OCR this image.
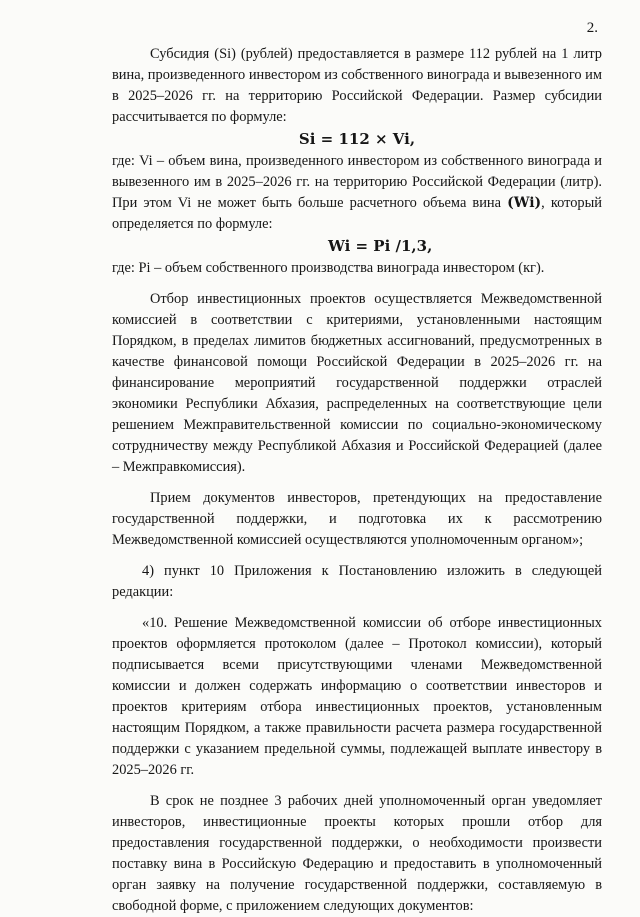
2.

Субсидия (Si) (рублей) предоставляется в размере 112 рублей на 1 литр вина, произведенного инвестором из собственного винограда и вывезенного им в 2025–2026 гг. на территорию Российской Федерации. Размер субсидии рассчитывается по формуле:

Si = 112 × Vi,

где: Vi – объем вина, произведенного инвестором из собственного винограда и вывезенного им в 2025–2026 гг. на территорию Российской Федерации (литр). При этом Vi не может быть больше расчетного объема вина (Wi), который определяется по формуле:

Wi = Pi /1,3,

где: Pi – объем собственного производства винограда инвестором (кг).

Отбор инвестиционных проектов осуществляется Межведомственной комиссией в соответствии с критериями, установленными настоящим Порядком, в пределах лимитов бюджетных ассигнований, предусмотренных в качестве финансовой помощи Российской Федерации в 2025–2026 гг. на финансирование мероприятий государственной поддержки отраслей экономики Республики Абхазия, распределенных на соответствующие цели решением Межправительственной комиссии по социально-экономическому сотрудничеству между Республикой Абхазия и Российской Федерацией (далее – Межправкомиссия).

Прием документов инвесторов, претендующих на предоставление государственной поддержки, и подготовка их к рассмотрению Межведомственной комиссией осуществляются уполномоченным органом»;

4) пункт 10 Приложения к Постановлению изложить в следующей редакции:

«10. Решение Межведомственной комиссии об отборе инвестиционных проектов оформляется протоколом (далее – Протокол комиссии), который подписывается всеми присутствующими членами Межведомственной комиссии и должен содержать информацию о соответствии инвесторов и проектов критериям отбора инвестиционных проектов, установленным настоящим Порядком, а также правильности расчета размера государственной поддержки с указанием предельной суммы, подлежащей выплате инвестору в 2025–2026 гг.

В срок не позднее 3 рабочих дней уполномоченный орган уведомляет инвесторов, инвестиционные проекты которых прошли отбор для предоставления государственной поддержки, о необходимости произвести поставку вина в Российскую Федерацию и предоставить в уполномоченный орган заявку на получение государственной поддержки, составляемую в свободной форме, с приложением следующих документов:
